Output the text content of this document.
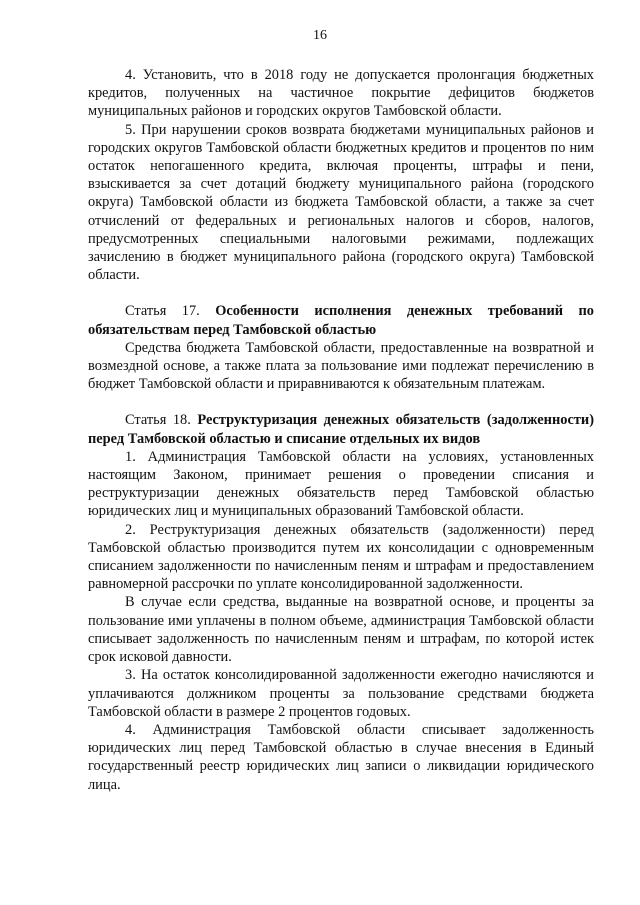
16

4. Установить, что в 2018 году не допускается пролонгация бюджетных кредитов, полученных на частичное покрытие дефицитов бюджетов муниципальных районов и городских округов Тамбовской области.

5. При нарушении сроков возврата бюджетами муниципальных районов и городских округов Тамбовской области бюджетных кредитов и процентов по ним остаток непогашенного кредита, включая проценты, штрафы и пени, взыскивается за счет дотаций бюджету муниципального района (городского округа) Тамбовской области из бюджета Тамбовской области, а также за счет отчислений от федеральных и региональных налогов и сборов, налогов, предусмотренных специальными налоговыми режимами, подлежащих зачислению в бюджет муниципального района (городского округа) Тамбовской области.

Статья 17. Особенности исполнения денежных требований по обязательствам перед Тамбовской областью

Средства бюджета Тамбовской области, предоставленные на возвратной и возмездной основе, а также плата за пользование ими подлежат перечислению в бюджет Тамбовской области и приравниваются к обязательным платежам.

Статья 18. Реструктуризация денежных обязательств (задолженности) перед Тамбовской областью и списание отдельных их видов

1. Администрация Тамбовской области на условиях, установленных настоящим Законом, принимает решения о проведении списания и реструктуризации денежных обязательств перед Тамбовской областью юридических лиц и муниципальных образований Тамбовской области.

2. Реструктуризация денежных обязательств (задолженности) перед Тамбовской областью производится путем их консолидации с одновременным списанием задолженности по начисленным пеням и штрафам и предоставлением равномерной рассрочки по уплате консолидированной задолженности.

В случае если средства, выданные на возвратной основе, и проценты за пользование ими уплачены в полном объеме, администрация Тамбовской области списывает задолженность по начисленным пеням и штрафам, по которой истек срок исковой давности.

3. На остаток консолидированной задолженности ежегодно начисляются и уплачиваются должником проценты за пользование средствами бюджета Тамбовской области в размере 2 процентов годовых.

4. Администрация Тамбовской области списывает задолженность юридических лиц перед Тамбовской областью в случае внесения в Единый государственный реестр юридических лиц записи о ликвидации юридического лица.
